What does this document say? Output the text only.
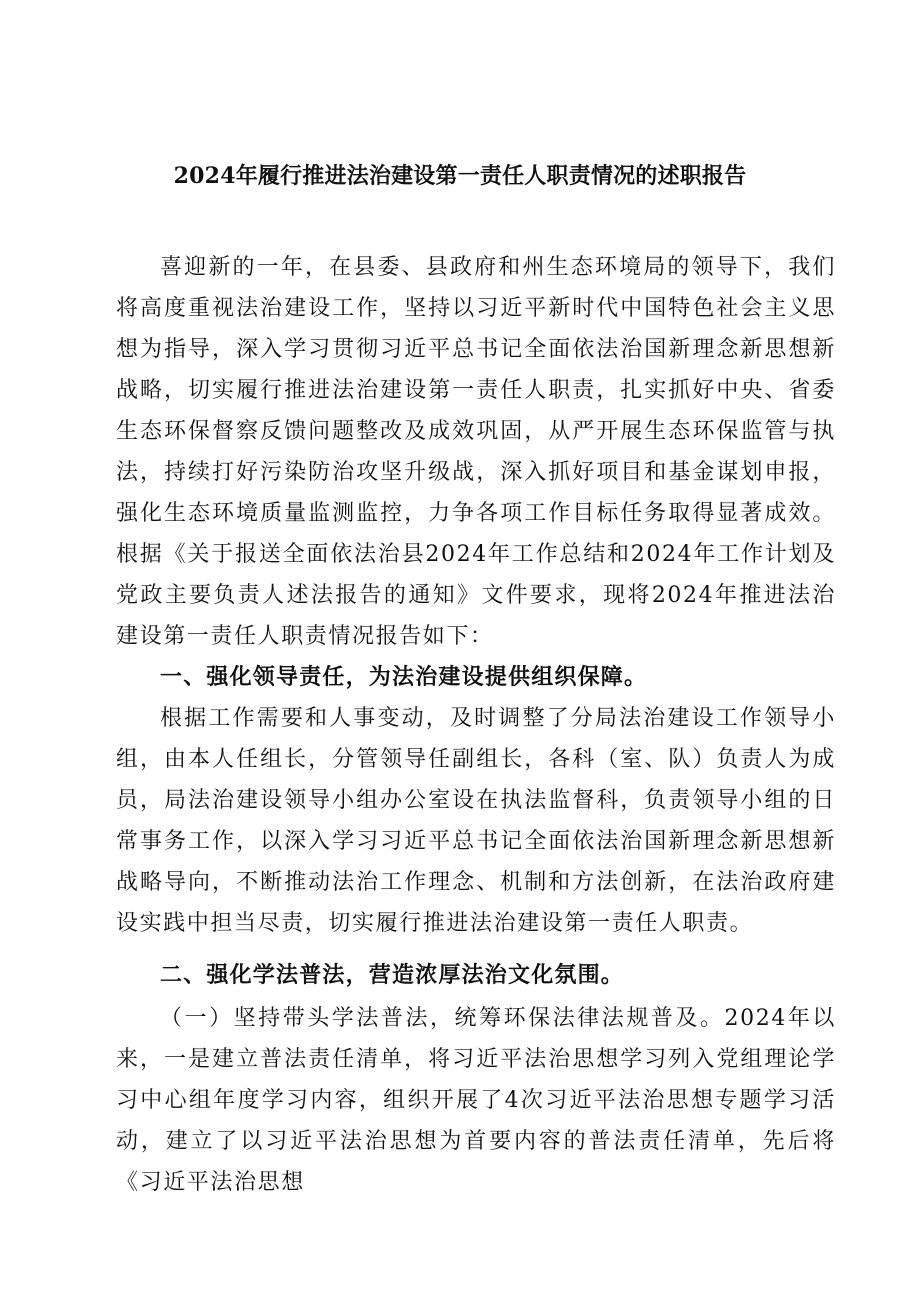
2024年履行推进法治建设第一责任人职责情况的述职报告

喜迎新的一年，在县委、县政府和州生态环境局的领导下，我们将高度重视法治建设工作，坚持以习近平新时代中国特色社会主义思想为指导，深入学习贯彻习近平总书记全面依法治国新理念新思想新战略，切实履行推进法治建设第一责任人职责，扎实抓好中央、省委生态环保督察反馈问题整改及成效巩固，从严开展生态环保监管与执法，持续打好污染防治攻坚升级战，深入抓好项目和基金谋划申报，强化生态环境质量监测监控，力争各项工作目标任务取得显著成效。根据《关于报送全面依法治县2024年工作总结和2024年工作计划及党政主要负责人述法报告的通知》文件要求，现将2024年推进法治建设第一责任人职责情况报告如下：

一、强化领导责任，为法治建设提供组织保障。

根据工作需要和人事变动，及时调整了分局法治建设工作领导小组，由本人任组长，分管领导任副组长，各科（室、队）负责人为成员，局法治建设领导小组办公室设在执法监督科，负责领导小组的日常事务工作，以深入学习习近平总书记全面依法治国新理念新思想新战略导向，不断推动法治工作理念、机制和方法创新，在法治政府建设实践中担当尽责，切实履行推进法治建设第一责任人职责。

二、强化学法普法，营造浓厚法治文化氛围。

（一）坚持带头学法普法，统筹环保法律法规普及。2024年以来，一是建立普法责任清单，将习近平法治思想学习列入党组理论学习中心组年度学习内容，组织开展了4次习近平法治思想专题学习活动，建立了以习近平法治思想为首要内容的普法责任清单，先后将《习近平法治思想
